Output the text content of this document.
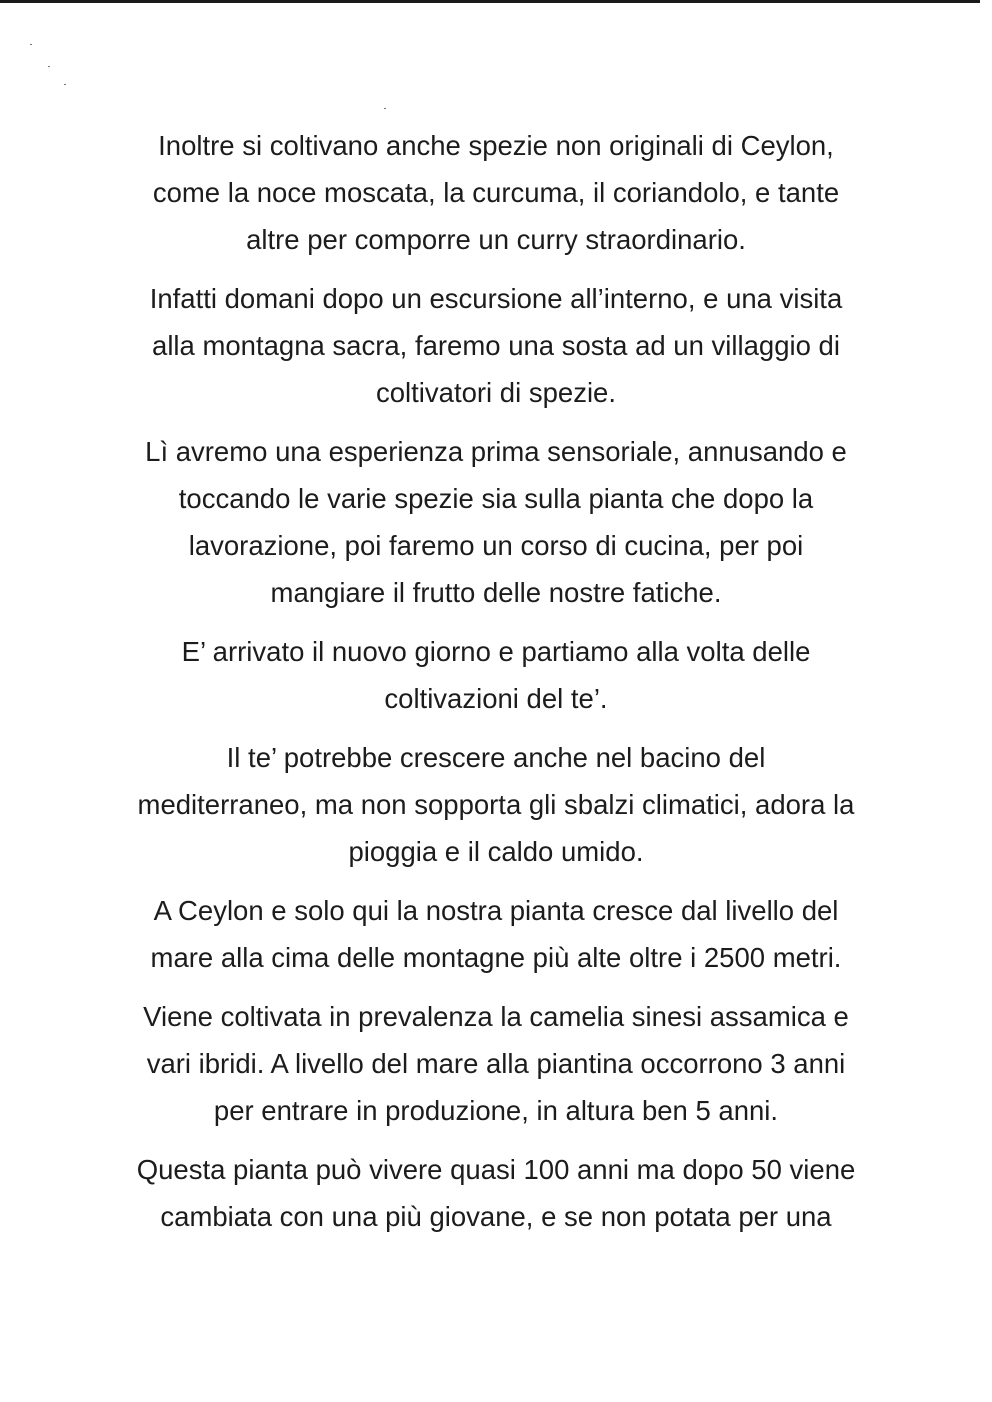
Inoltre si coltivano anche spezie non originali di Ceylon,
come la noce moscata, la curcuma, il coriandolo, e tante
altre per comporre un curry straordinario.

Infatti domani dopo un escursione all’interno, e una visita
alla montagna sacra, faremo una sosta ad un villaggio di
coltivatori di spezie.

Lì avremo una esperienza prima sensoriale, annusando e
toccando le varie spezie sia sulla pianta che dopo la
lavorazione, poi faremo un corso di cucina, per poi
mangiare il frutto delle nostre fatiche.

E’ arrivato il nuovo giorno e partiamo alla volta delle
coltivazioni del te’.

Il te’ potrebbe crescere anche nel bacino del
mediterraneo, ma non sopporta gli sbalzi climatici, adora la
pioggia e il caldo umido.

A Ceylon e solo qui la nostra pianta cresce dal livello del
mare alla cima delle montagne più alte oltre i 2500 metri.

Viene coltivata in prevalenza la camelia sinesi assamica e
vari ibridi. A livello del mare alla piantina occorrono 3 anni
per entrare in produzione, in altura ben 5 anni.

Questa pianta può vivere quasi 100 anni ma dopo 50 viene
cambiata con una più giovane, e se non potata per una
